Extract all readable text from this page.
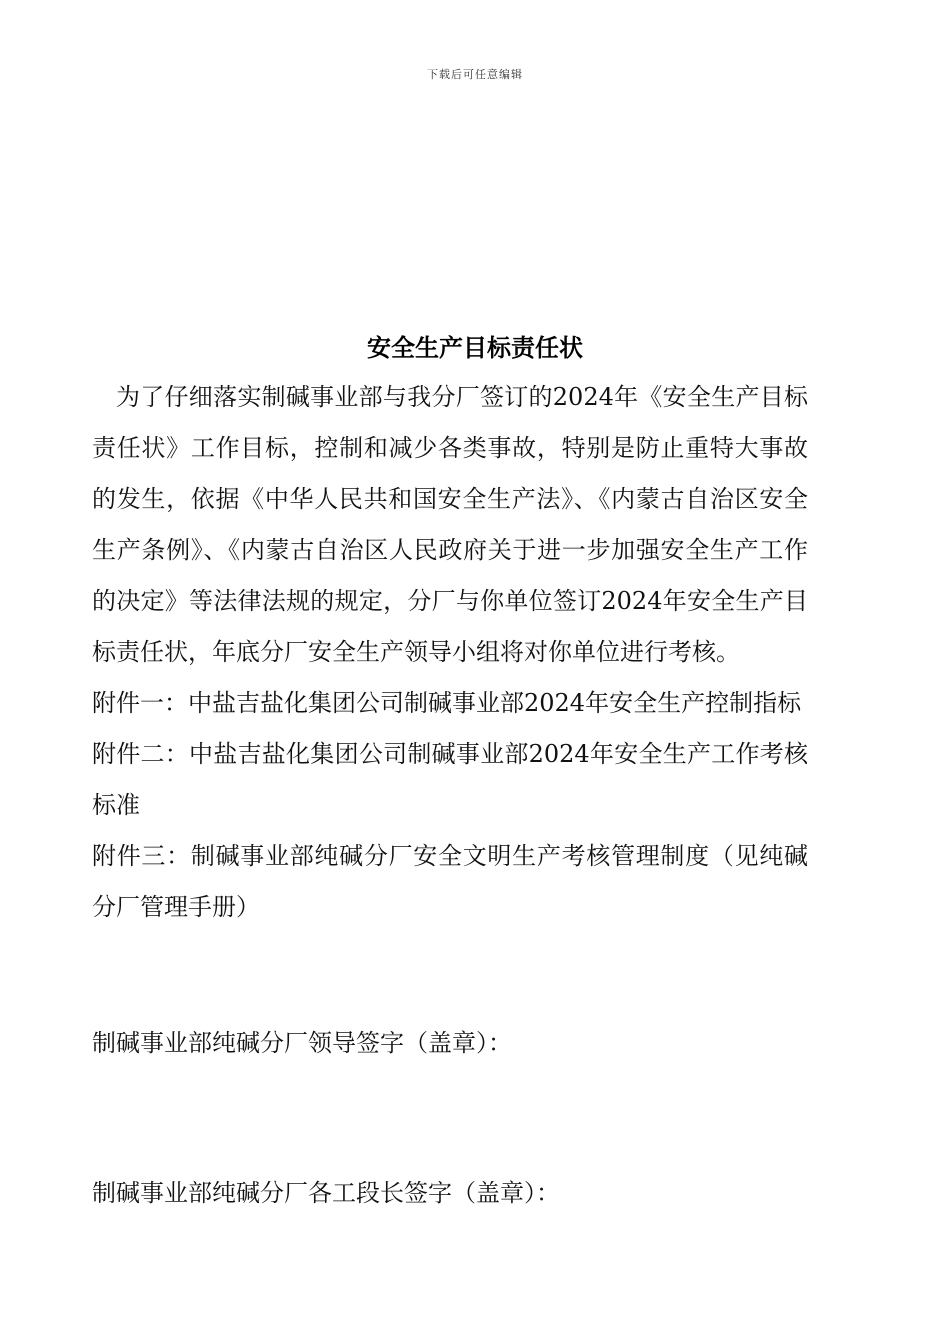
下载后可任意编辑
安全生产目标责任状

为了仔细落实制碱事业部与我分厂签订的2024年《安全生产目标责任状》工作目标，控制和减少各类事故，特别是防止重特大事故的发生，依据《中华人民共和国安全生产法》、《内蒙古自治区安全生产条例》、《内蒙古自治区人民政府关于进一步加强安全生产工作的决定》等法律法规的规定，分厂与你单位签订2024年安全生产目标责任状，年底分厂安全生产领导小组将对你单位进行考核。

附件一：中盐吉盐化集团公司制碱事业部2024年安全生产控制指标

附件二：中盐吉盐化集团公司制碱事业部2024年安全生产工作考核标准

附件三：制碱事业部纯碱分厂安全文明生产考核管理制度（见纯碱分厂管理手册）

制碱事业部纯碱分厂领导签字（盖章）：

制碱事业部纯碱分厂各工段长签字（盖章）：
